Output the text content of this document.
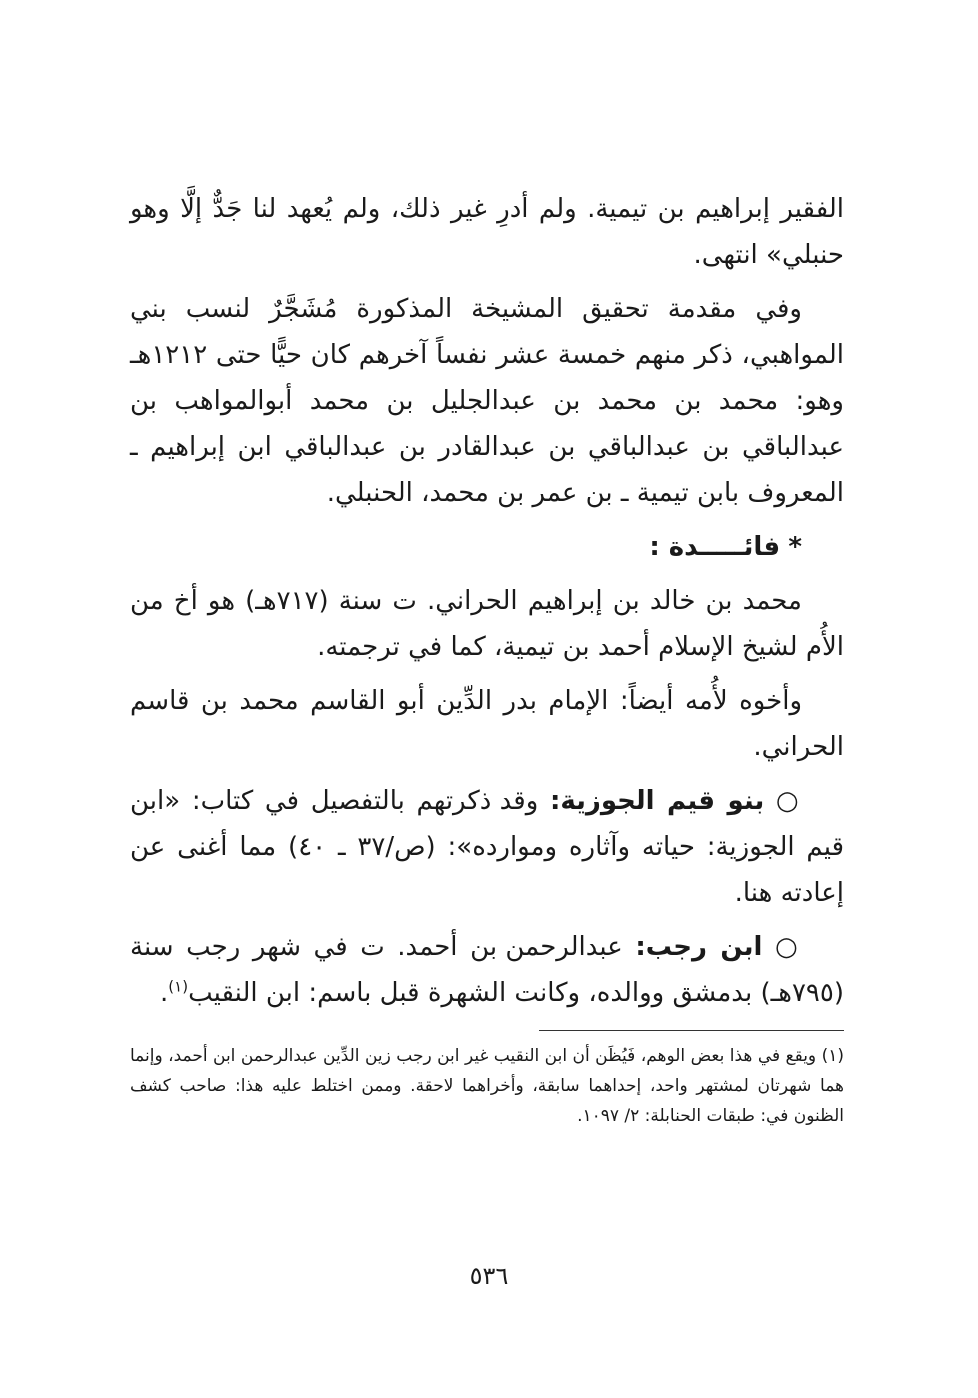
الفقير إبراهيم بن تيمية. ولم أدرِ غير ذلك، ولم يُعهد لنا جَدٌّ إلَّا وهو حنبلي» انتهى.

وفي مقدمة تحقيق المشيخة المذكورة مُشَجَّرٌ لنسب بني المواهبي، ذكر منهم خمسة عشر نفساً آخرهم كان حيًّا حتى ١٢١٢هـ وهو: محمد بن محمد بن عبدالجليل بن محمد أبوالمواهب بن عبدالباقي بن عبدالباقي بن عبدالقادر بن عبدالباقي ابن إبراهيم ـ المعروف بابن تيمية ـ بن عمر بن محمد، الحنبلي.

* فائـــــدة :

محمد بن خالد بن إبراهيم الحراني. ت سنة (٧١٧هـ) هو أخ من الأُم لشيخ الإسلام أحمد بن تيمية، كما في ترجمته.

وأخوه لأُمه أيضاً: الإمام بدر الدِّين أبو القاسم محمد بن قاسم الحراني.

○ بنو قيم الجوزية: وقد ذكرتهم بالتفصيل في كتاب: «ابن قيم الجوزية: حياته وآثاره وموارده»: (ص/٣٧ ـ ٤٠) مما أغنى عن إعادته هنا.

○ ابن رجب: عبدالرحمن بن أحمد. ت في شهر رجب سنة (٧٩٥هـ) بدمشق ووالده، وكانت الشهرة قبل باسم: ابن النقيب$^{(١)}$.

(١) ويقع في هذا بعض الوهم، فَيُظَن أن ابن النقيب غير ابن رجب زين الدِّين عبدالرحمن ابن أحمد، وإنما هما شهرتان لمشتهر واحد، إحداهما سابقة، وأخراهما لاحقة. وممن اختلط عليه هذا: صاحب كشف الظنون في: طبقات الحنابلة: ٢/ ١٠٩٧.

٥٣٦
